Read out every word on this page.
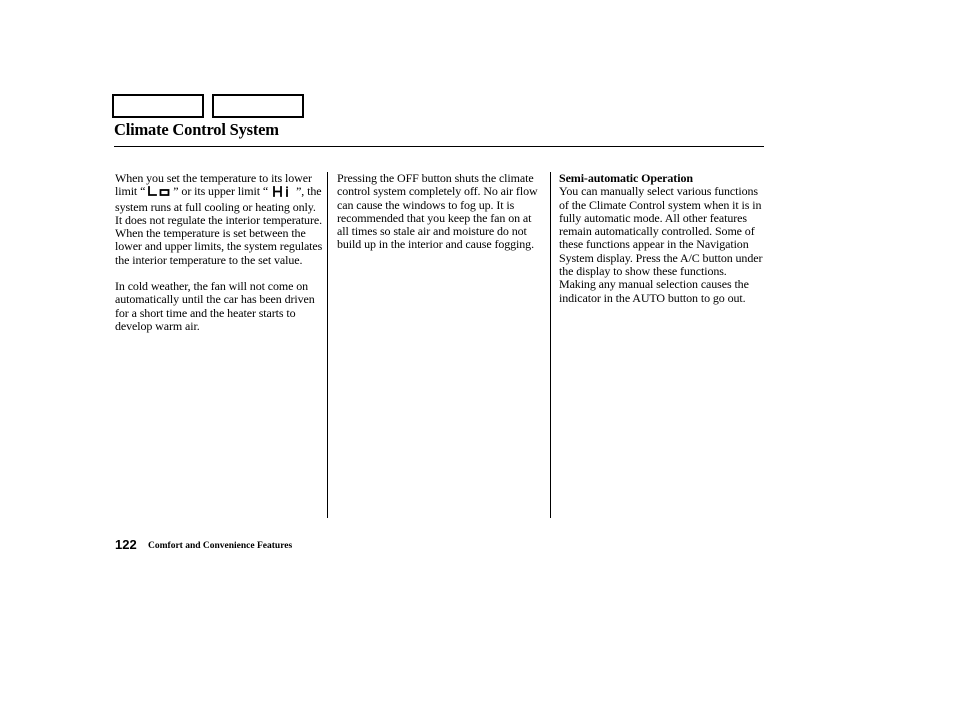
Climate Control System

When you set the temperature to its lower limit “ ” or its upper limit “ ”, the system runs at full cooling or heating only. It does not regulate the interior temperature. When the temperature is set between the lower and upper limits, the system regulates the interior temperature to the set value.

In cold weather, the fan will not come on automatically until the car has been driven for a short time and the heater starts to develop warm air.

Pressing the OFF button shuts the climate control system completely off. No air flow can cause the windows to fog up. It is recommended that you keep the fan on at all times so stale air and moisture do not build up in the interior and cause fogging.

Semi-automatic Operation
You can manually select various functions of the Climate Control system when it is in fully automatic mode. All other features remain automatically controlled. Some of these functions appear in the Navigation System display. Press the A/C button under the display to show these functions. Making any manual selection causes the indicator in the AUTO button to go out.
122 Comfort and Convenience Features
